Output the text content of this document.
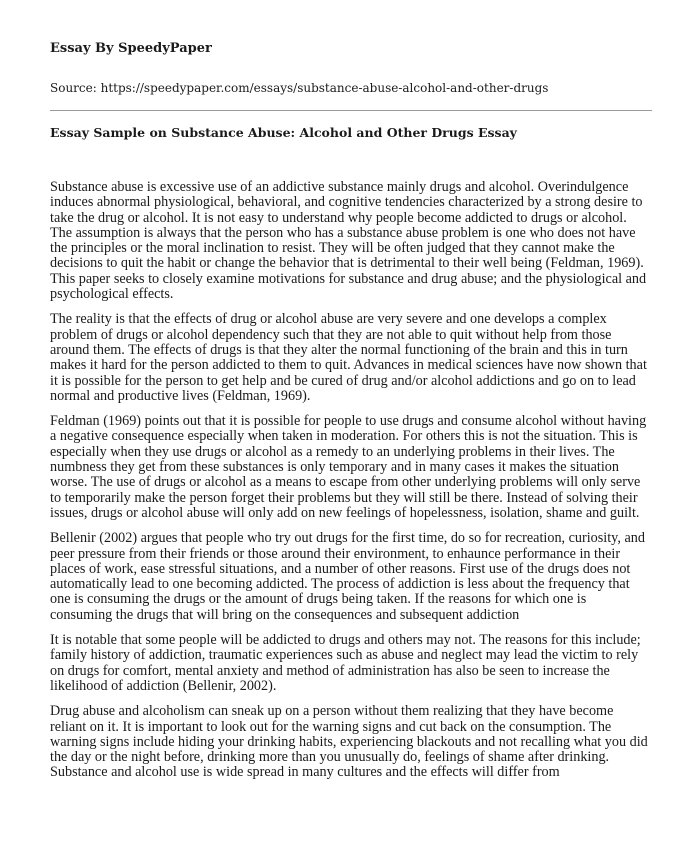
Essay By SpeedyPaper
Source: https://speedypaper.com/essays/substance-abuse-alcohol-and-other-drugs
Essay Sample on Substance Abuse: Alcohol and Other Drugs Essay

Substance abuse is excessive use of an addictive substance mainly drugs and alcohol. Overindulgence induces abnormal physiological, behavioral, and cognitive tendencies characterized by a strong desire to take the drug or alcohol. It is not easy to understand why people become addicted to drugs or alcohol. The assumption is always that the person who has a substance abuse problem is one who does not have the principles or the moral inclination to resist. They will be often judged that they cannot make the decisions to quit the habit or change the behavior that is detrimental to their well being (Feldman, 1969). This paper seeks to closely examine motivations for substance and drug abuse; and the physiological and psychological effects.

The reality is that the effects of drug or alcohol abuse are very severe and one develops a complex problem of drugs or alcohol dependency such that they are not able to quit without help from those around them. The effects of drugs is that they alter the normal functioning of the brain and this in turn makes it hard for the person addicted to them to quit. Advances in medical sciences have now shown that it is possible for the person to get help and be cured of drug and/or alcohol addictions and go on to lead normal and productive lives (Feldman, 1969).

Feldman (1969) points out that it is possible for people to use drugs and consume alcohol without having a negative consequence especially when taken in moderation. For others this is not the situation. This is especially when they use drugs or alcohol as a remedy to an underlying problems in their lives. The numbness they get from these substances is only temporary and in many cases it makes the situation worse. The use of drugs or alcohol as a means to escape from other underlying problems will only serve to temporarily make the person forget their problems but they will still be there. Instead of solving their issues, drugs or alcohol abuse will only add on new feelings of hopelessness, isolation, shame and guilt.

Bellenir (2002) argues that people who try out drugs for the first time, do so for recreation, curiosity, and peer pressure from their friends or those around their environment, to enhaunce performance in their places of work, ease stressful situations, and a number of other reasons. First use of the drugs does not automatically lead to one becoming addicted. The process of addiction is less about the frequency that one is consuming the drugs or the amount of drugs being taken. If the reasons for which one is consuming the drugs that will bring on the consequences and subsequent addiction

It is notable that some people will be addicted to drugs and others may not. The reasons for this include; family history of addiction, traumatic experiences such as abuse and neglect may lead the victim to rely on drugs for comfort, mental anxiety and method of administration has also be seen to increase the likelihood of addiction (Bellenir, 2002).

Drug abuse and alcoholism can sneak up on a person without them realizing that they have become reliant on it. It is important to look out for the warning signs and cut back on the consumption. The warning signs include hiding your drinking habits, experiencing blackouts and not recalling what you did the day or the night before, drinking more than you unusually do, feelings of shame after drinking. Substance and alcohol use is wide spread in many cultures and the effects will differ from
